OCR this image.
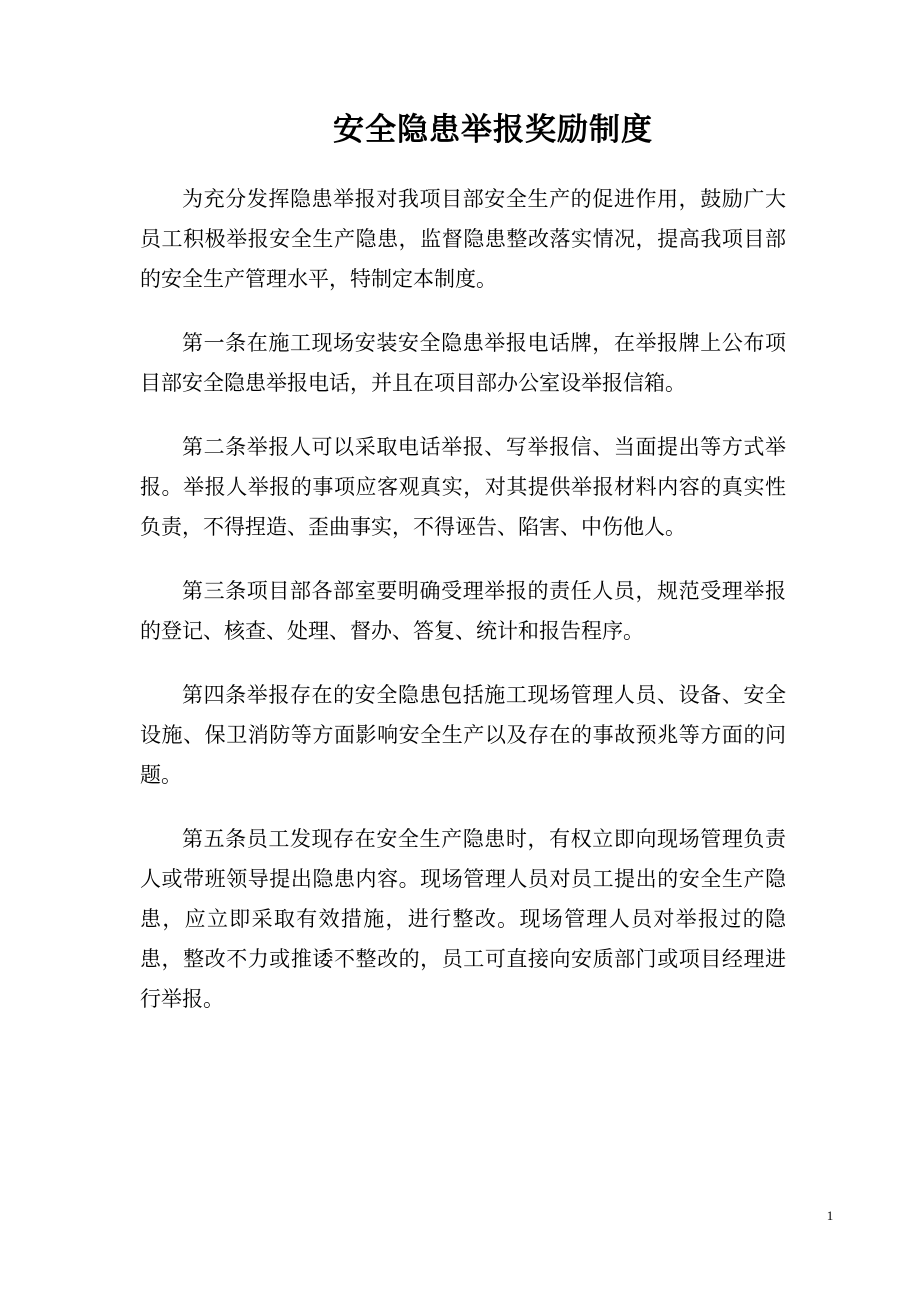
安全隐患举报奖励制度

为充分发挥隐患举报对我项目部安全生产的促进作用，鼓励广大员工积极举报安全生产隐患，监督隐患整改落实情况，提高我项目部的安全生产管理水平，特制定本制度。

第一条在施工现场安装安全隐患举报电话牌，在举报牌上公布项目部安全隐患举报电话，并且在项目部办公室设举报信箱。

第二条举报人可以采取电话举报、写举报信、当面提出等方式举报。举报人举报的事项应客观真实，对其提供举报材料内容的真实性负责，不得捏造、歪曲事实，不得诬告、陷害、中伤他人。

第三条项目部各部室要明确受理举报的责任人员，规范受理举报的登记、核查、处理、督办、答复、统计和报告程序。

第四条举报存在的安全隐患包括施工现场管理人员、设备、安全设施、保卫消防等方面影响安全生产以及存在的事故预兆等方面的问题。

第五条员工发现存在安全生产隐患时，有权立即向现场管理负责人或带班领导提出隐患内容。现场管理人员对员工提出的安全生产隐患，应立即采取有效措施，进行整改。现场管理人员对举报过的隐患，整改不力或推诿不整改的，员工可直接向安质部门或项目经理进行举报。

1
